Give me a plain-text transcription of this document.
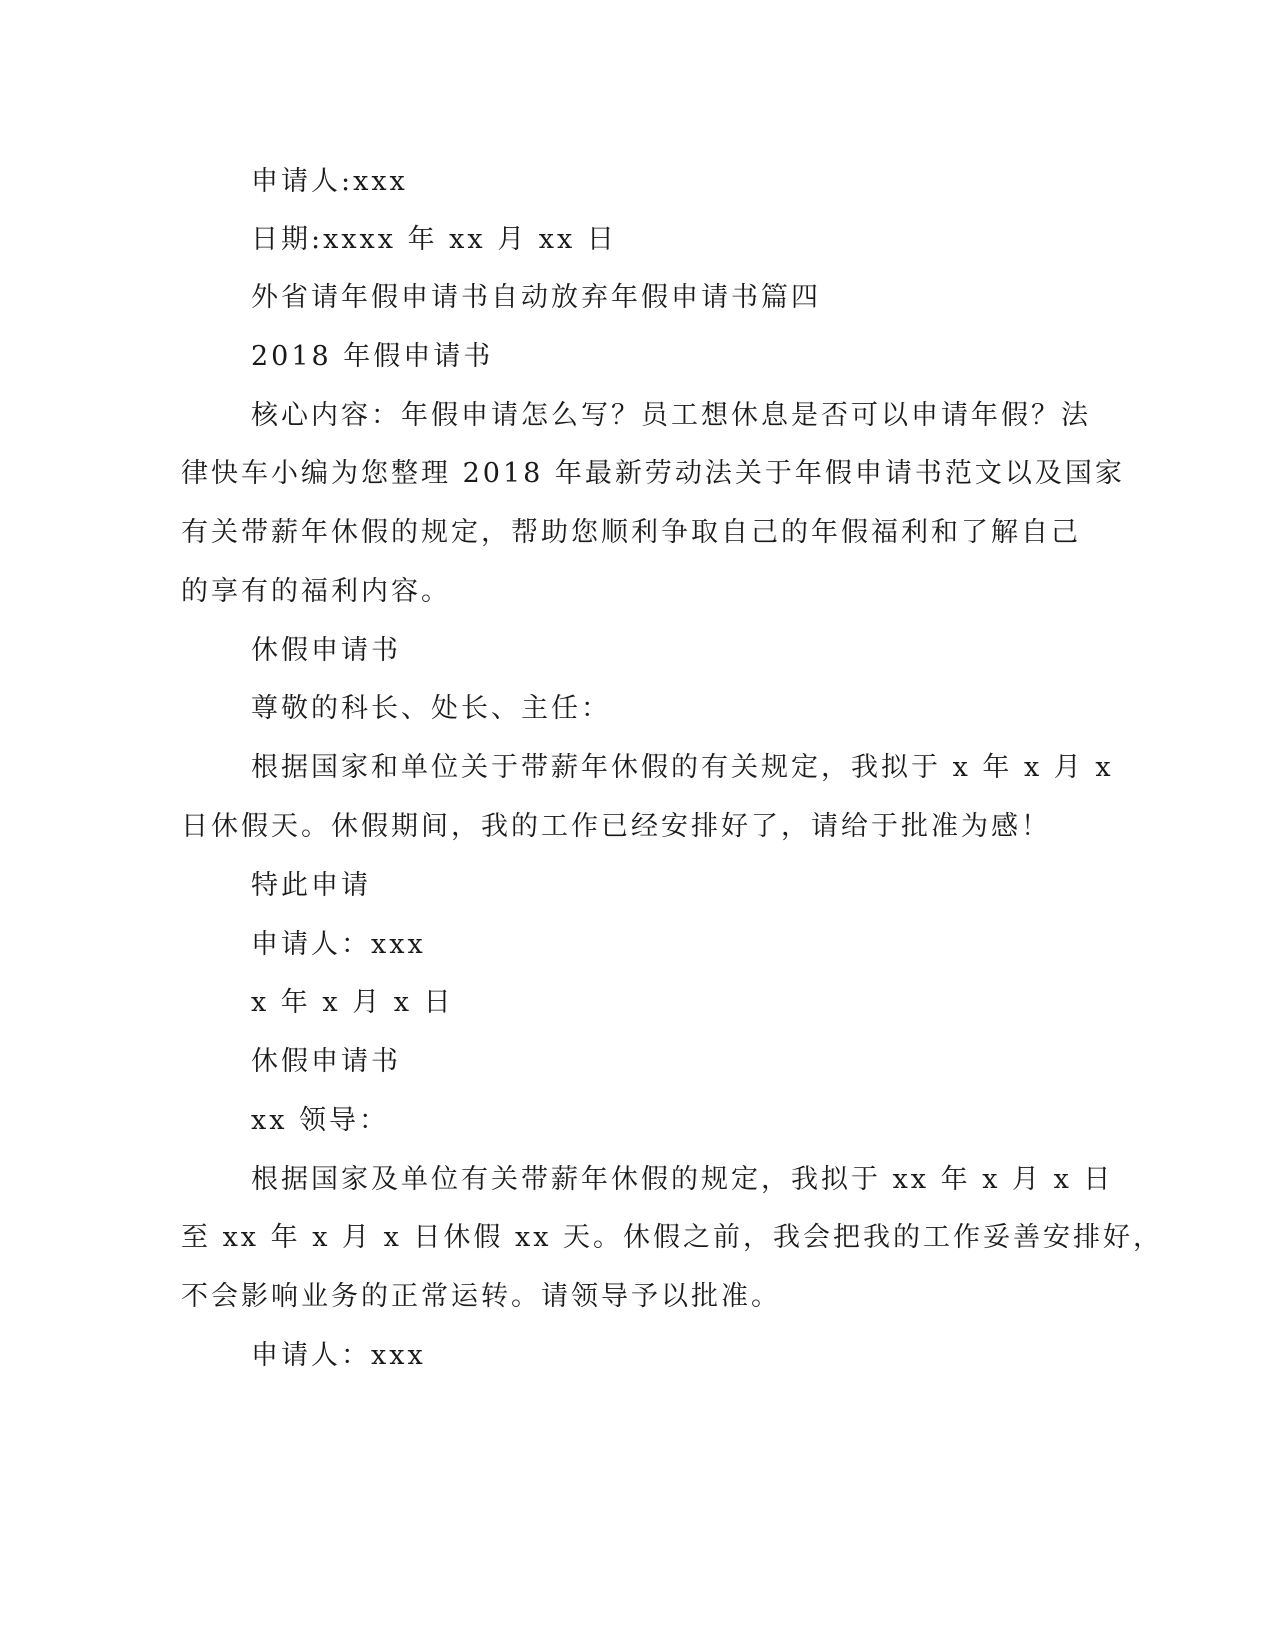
申请人:xxx
日期:xxxx 年 xx 月 xx 日
外省请年假申请书自动放弃年假申请书篇四
2018 年假申请书
核心内容：年假申请怎么写？员工想休息是否可以申请年假？法
律快车小编为您整理 2018 年最新劳动法关于年假申请书范文以及国家
有关带薪年休假的规定，帮助您顺利争取自己的年假福利和了解自己
的享有的福利内容。
休假申请书
尊敬的科长、处长、主任：
根据国家和单位关于带薪年休假的有关规定，我拟于 x 年 x 月 x
日休假天。休假期间，我的工作已经安排好了，请给于批准为感！
特此申请
申请人：xxx
x 年 x 月 x 日
休假申请书
xx 领导：
根据国家及单位有关带薪年休假的规定，我拟于 xx 年 x 月 x 日
至 xx 年 x 月 x 日休假 xx 天。休假之前，我会把我的工作妥善安排好，
不会影响业务的正常运转。请领导予以批准。
申请人：xxx
